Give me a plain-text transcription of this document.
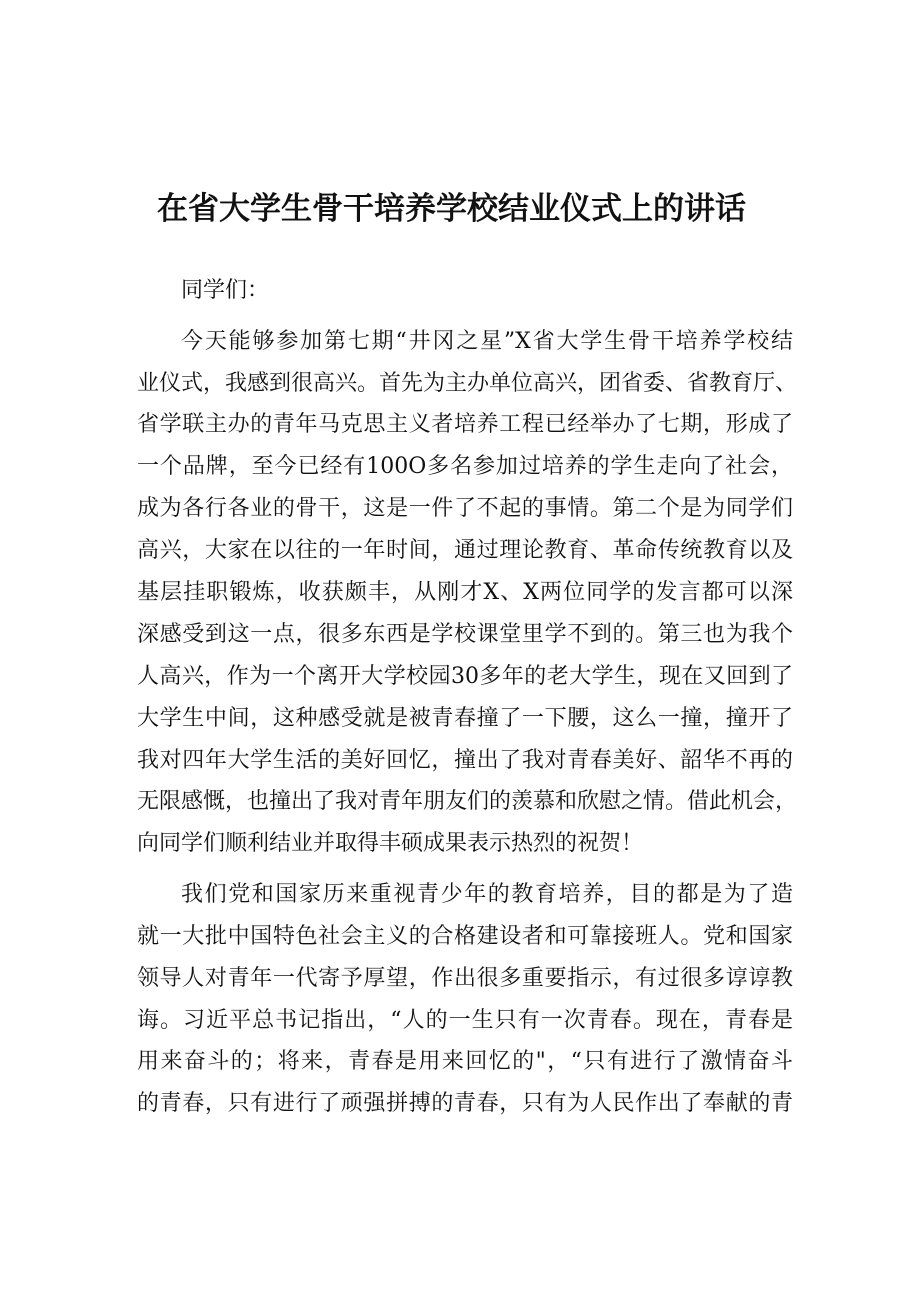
在省大学生骨干培养学校结业仪式上的讲话
同学们：
今天能够参加第七期“井冈之星”X省大学生骨干培养学校结
业仪式，我感到很高兴。首先为主办单位高兴，团省委、省教育厅、
省学联主办的青年马克思主义者培养工程已经举办了七期，形成了
一个品牌，至今已经有100O多名参加过培养的学生走向了社会，
成为各行各业的骨干，这是一件了不起的事情。第二个是为同学们
高兴，大家在以往的一年时间，通过理论教育、革命传统教育以及
基层挂职锻炼，收获颇丰，从刚才X、X两位同学的发言都可以深
深感受到这一点，很多东西是学校课堂里学不到的。第三也为我个
人高兴，作为一个离开大学校园30多年的老大学生，现在又回到了
大学生中间，这种感受就是被青春撞了一下腰，这么一撞，撞开了
我对四年大学生活的美好回忆，撞出了我对青春美好、韶华不再的
无限感慨，也撞出了我对青年朋友们的羡慕和欣慰之情。借此机会，
向同学们顺利结业并取得丰硕成果表示热烈的祝贺！
我们党和国家历来重视青少年的教育培养，目的都是为了造
就一大批中国特色社会主义的合格建设者和可靠接班人。党和国家
领导人对青年一代寄予厚望，作出很多重要指示，有过很多谆谆教
诲。习近平总书记指出，“人的一生只有一次青春。现在，青春是
用来奋斗的；将来，青春是用来回忆的"，“只有进行了激情奋斗
的青春，只有进行了顽强拼搏的青春，只有为人民作出了奉献的青
